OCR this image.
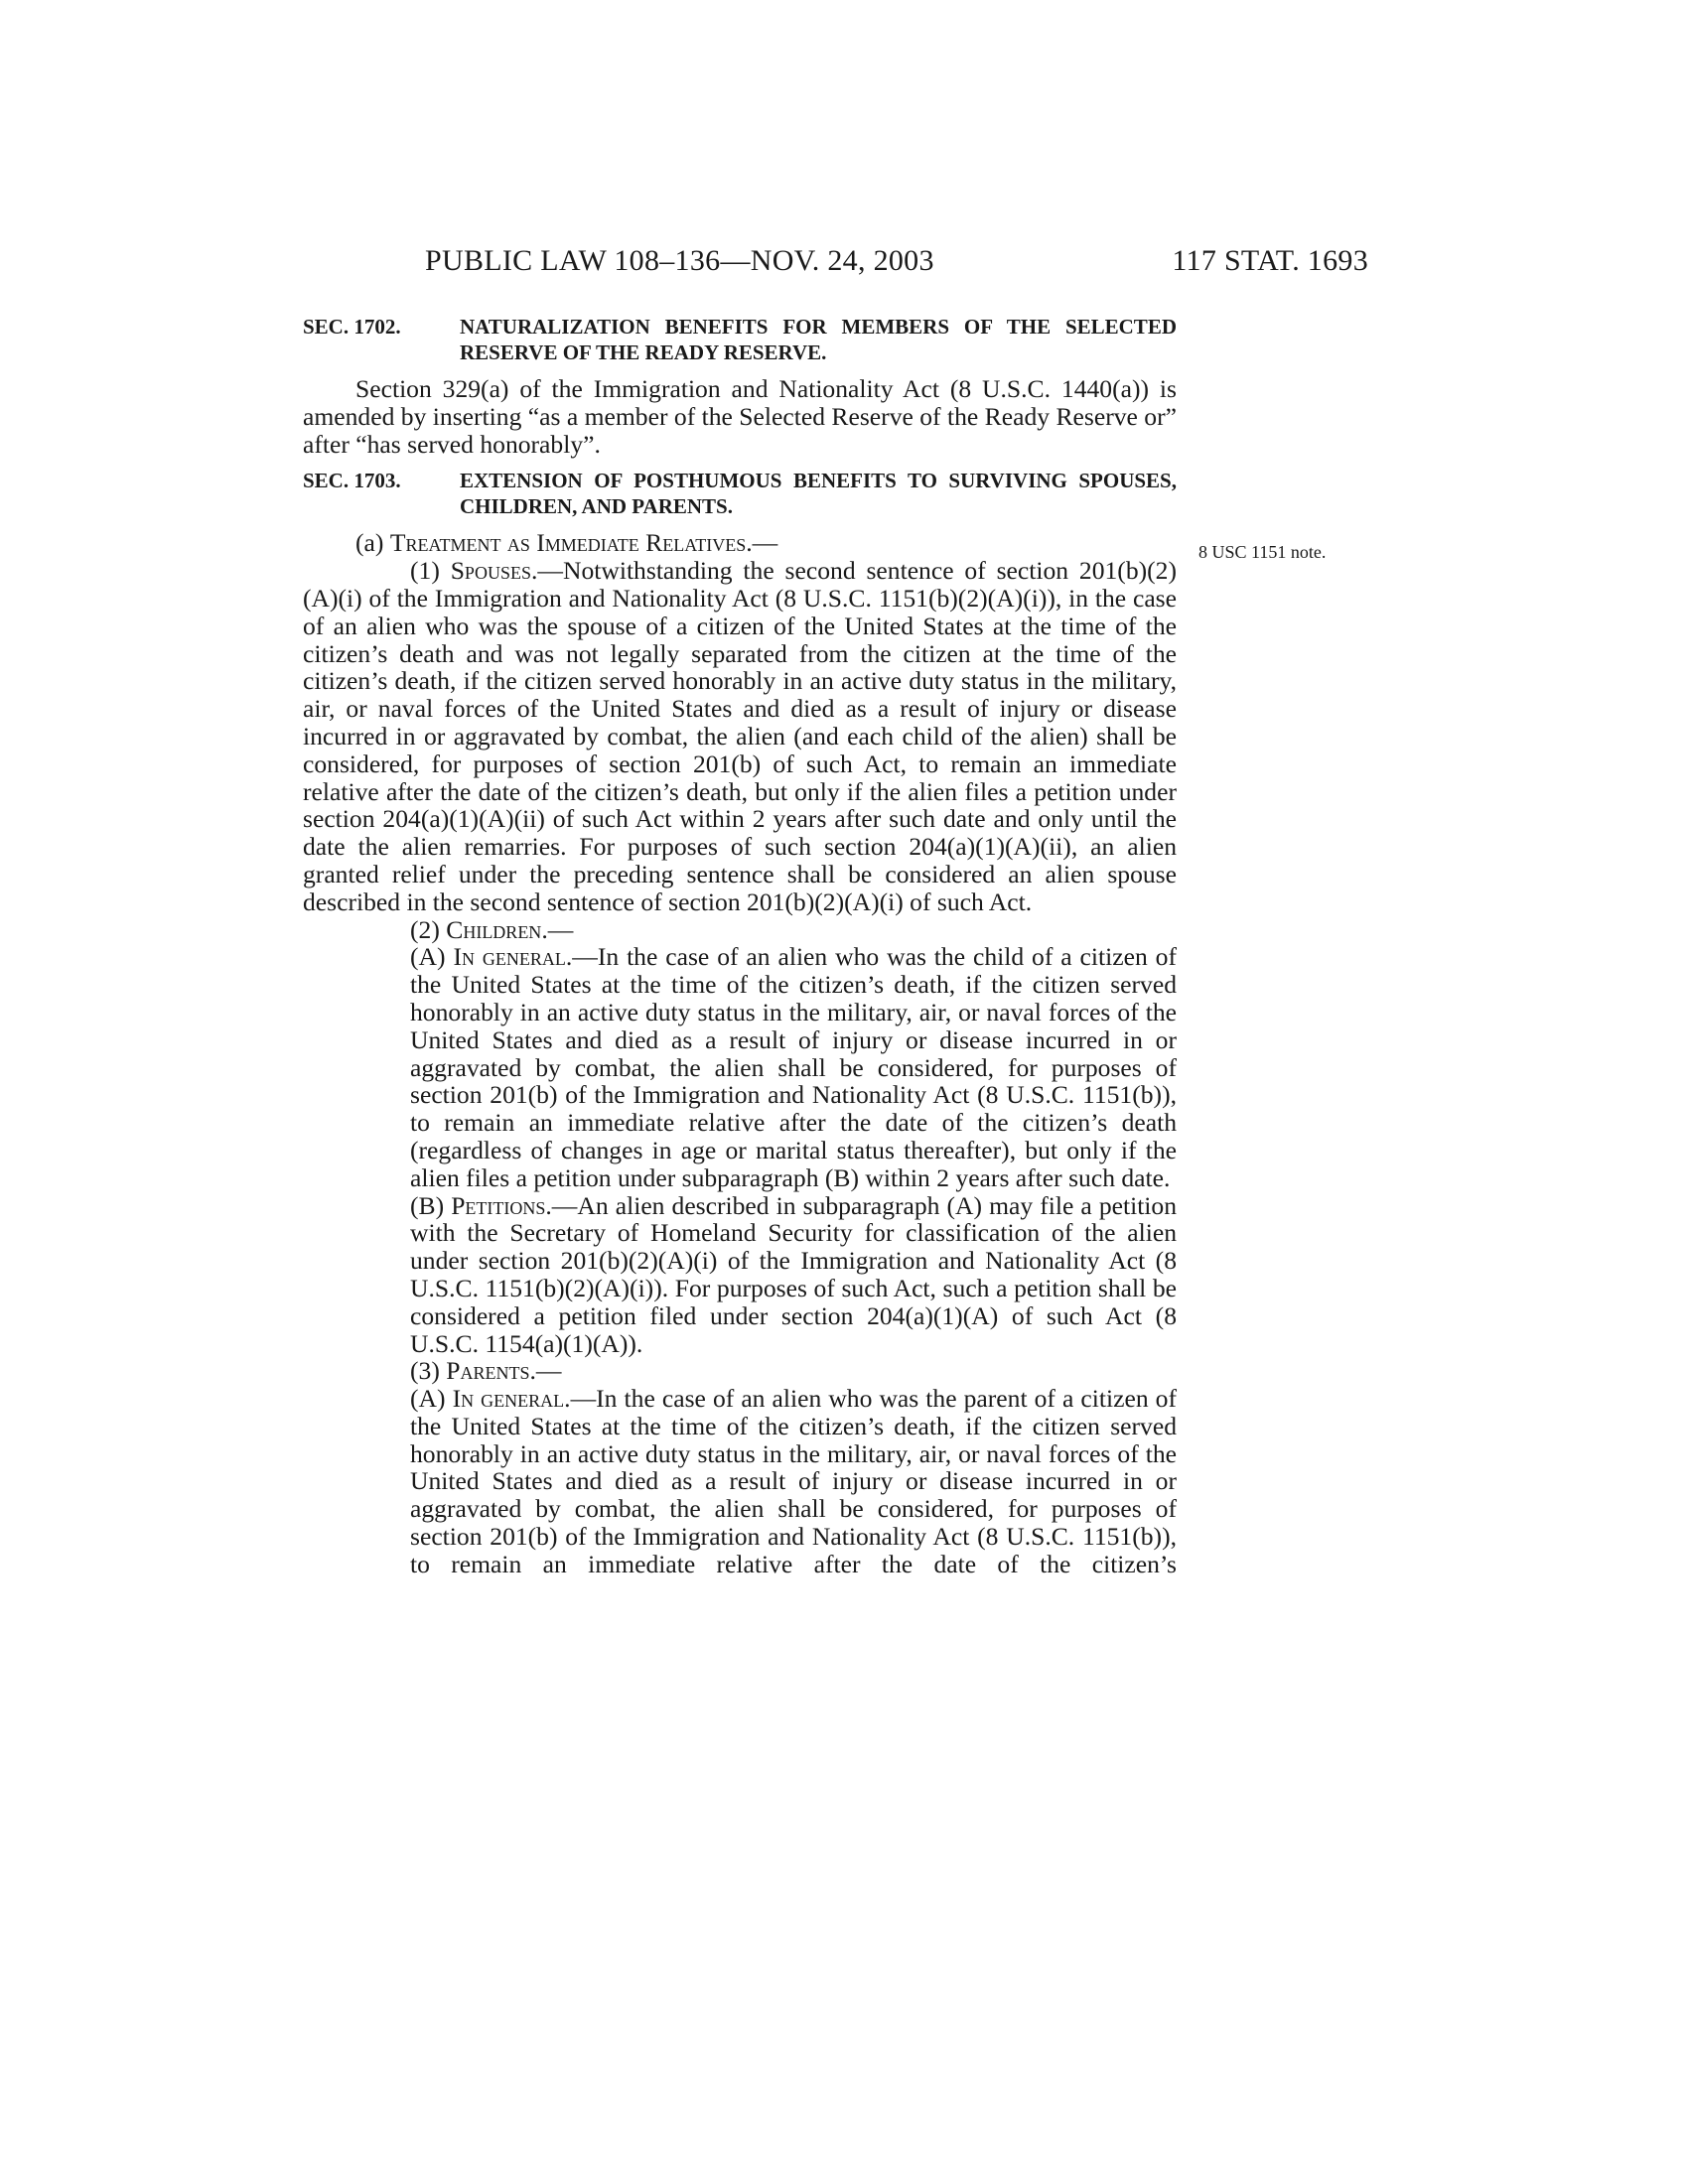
PUBLIC LAW 108–136—NOV. 24, 2003	117 STAT. 1693
8 USC 1151 note.
SEC. 1702.	NATURALIZATION BENEFITS FOR MEMBERS OF THE SELECTED RESERVE OF THE READY RESERVE.

Section 329(a) of the Immigration and Nationality Act (8 U.S.C. 1440(a)) is amended by inserting “as a member of the Selected Reserve of the Ready Reserve or” after “has served honorably”.

SEC. 1703.	EXTENSION OF POSTHUMOUS BENEFITS TO SURVIVING SPOUSES, CHILDREN, AND PARENTS.

(a) Treatment as Immediate Relatives.—

(1) Spouses.—Notwithstanding the second sentence of section 201(b)(2)(A)(i) of the Immigration and Nationality Act (8 U.S.C. 1151(b)(2)(A)(i)), in the case of an alien who was the spouse of a citizen of the United States at the time of the citizen’s death and was not legally separated from the citizen at the time of the citizen’s death, if the citizen served honorably in an active duty status in the military, air, or naval forces of the United States and died as a result of injury or disease incurred in or aggravated by combat, the alien (and each child of the alien) shall be considered, for purposes of section 201(b) of such Act, to remain an immediate relative after the date of the citizen’s death, but only if the alien files a petition under section 204(a)(1)(A)(ii) of such Act within 2 years after such date and only until the date the alien remarries. For purposes of such section 204(a)(1)(A)(ii), an alien granted relief under the preceding sentence shall be considered an alien spouse described in the second sentence of section 201(b)(2)(A)(i) of such Act.

(2) Children.—

(A) In general.—In the case of an alien who was the child of a citizen of the United States at the time of the citizen’s death, if the citizen served honorably in an active duty status in the military, air, or naval forces of the United States and died as a result of injury or disease incurred in or aggravated by combat, the alien shall be considered, for purposes of section 201(b) of the Immigration and Nationality Act (8 U.S.C. 1151(b)), to remain an immediate relative after the date of the citizen’s death (regardless of changes in age or marital status thereafter), but only if the alien files a petition under subparagraph (B) within 2 years after such date.

(B) Petitions.—An alien described in subparagraph (A) may file a petition with the Secretary of Homeland Security for classification of the alien under section 201(b)(2)(A)(i) of the Immigration and Nationality Act (8 U.S.C. 1151(b)(2)(A)(i)). For purposes of such Act, such a petition shall be considered a petition filed under section 204(a)(1)(A) of such Act (8 U.S.C. 1154(a)(1)(A)).

(3) Parents.—

(A) In general.—In the case of an alien who was the parent of a citizen of the United States at the time of the citizen’s death, if the citizen served honorably in an active duty status in the military, air, or naval forces of the United States and died as a result of injury or disease incurred in or aggravated by combat, the alien shall be considered, for purposes of section 201(b) of the Immigration and Nationality Act (8 U.S.C. 1151(b)), to remain an immediate relative after the date of the citizen’s
